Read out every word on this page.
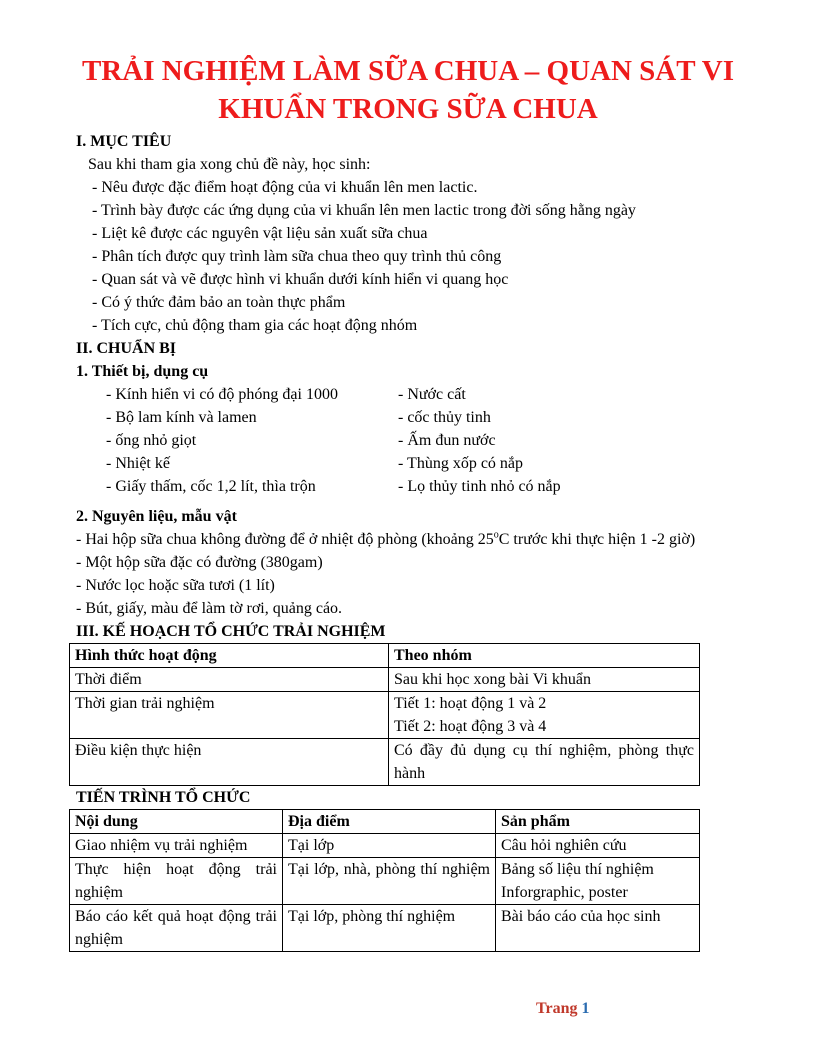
TRẢI NGHIỆM LÀM SỮA CHUA – QUAN SÁT VI
KHUẨN TRONG SỮA CHUA

I. MỤC TIÊU

Sau khi tham gia xong chủ đề này, học sinh:

- Nêu được đặc điểm hoạt động của vi khuẩn lên men lactic.

- Trình bày được các ứng dụng của vi khuẩn lên men lactic trong đời sống hằng ngày

- Liệt kê được các nguyên vật liệu sản xuất sữa chua

- Phân tích được quy trình làm sữa chua theo quy trình thủ công

- Quan sát và vẽ được hình vi khuẩn dưới kính hiển vi quang học

- Có ý thức đảm bảo an toàn thực phẩm

- Tích cực, chủ động tham gia các hoạt động nhóm

II. CHUẨN BỊ

1. Thiết bị, dụng cụ

- Kính hiển vi có độ phóng đại 1000	- Nước cất
- Bộ lam kính và lamen	- cốc thủy tinh
- ống nhỏ giọt	- Ấm đun nước
- Nhiệt kế	- Thùng xốp có nắp
- Giấy thấm, cốc 1,2 lít, thìa trộn	- Lọ thủy tinh nhỏ có nắp

2. Nguyên liệu, mẫu vật

- Hai hộp sữa chua không đường để ở nhiệt độ phòng (khoảng 25$^o$C trước khi thực hiện 1 -2 giờ)

- Một hộp sữa đặc có đường (380gam)

- Nước lọc hoặc sữa tươi (1 lít)

- Bút, giấy, màu để làm tờ rơi, quảng cáo.

III. KẾ HOẠCH TỔ CHỨC TRẢI NGHIỆM

Hình thức hoạt động	Theo nhóm
Thời điểm	Sau khi học xong bài Vi khuẩn
Thời gian trải nghiệm	Tiết 1: hoạt động 1 và 2
Tiết 2: hoạt động 3 và 4

Điều kiện thực hiện	Có đầy đủ dụng cụ thí nghiệm, phòng thực hành

TIẾN TRÌNH TỔ CHỨC

Nội dung	Địa điểm	Sản phẩm
Giao nhiệm vụ trải nghiệm	Tại lớp	Câu hỏi nghiên cứu

Thực hiện hoạt động trải nghiệm	Tại lớp, nhà, phòng thí nghiệm	Bảng số liệu thí nghiệm
Inforgraphic, poster

Báo cáo kết quả hoạt động trải nghiệm	Tại lớp, phòng thí nghiệm	Bài báo cáo của học sinh
Trang 1
